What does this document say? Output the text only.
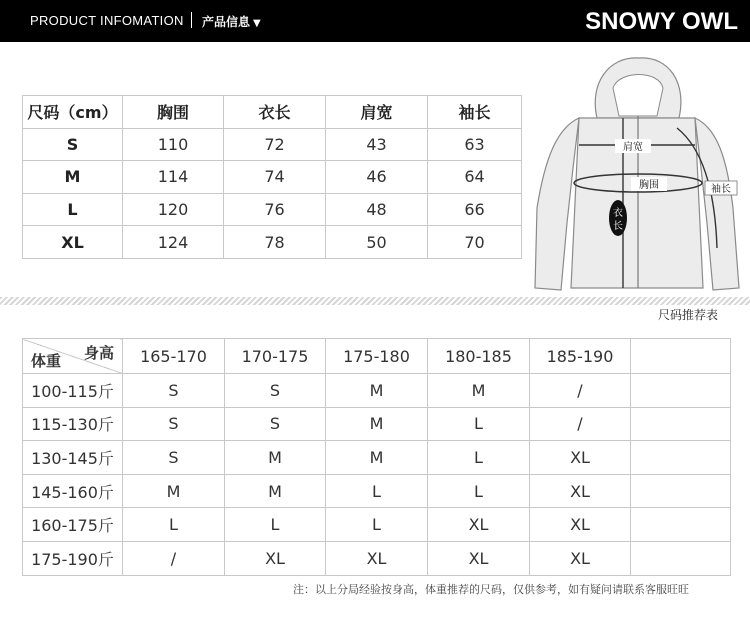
PRODUCT INFOMATION 产品信息 ▼	SNOWY OWL
尺码（cm）	胸围	衣长	肩宽	袖长
S	110	72	43	63
M	114	74	46	64
L	120	76	48	66
XL	124	78	50	70
肩宽
胸围	袖长
衣
长
尺码推荐表
身高
体重	165-170	170-175	175-180	180-185	185-190	
100-115斤	S	S	M	M	/	
115-130斤	S	S	M	L	/	
130-145斤	S	M	M	L	XL	
145-160斤	M	M	L	L	XL	
160-175斤	L	L	L	XL	XL	
175-190斤	/	XL	XL	XL	XL	
注：以上分局经验按身高，体重推荐的尺码，仅供参考，如有疑问请联系客服旺旺
